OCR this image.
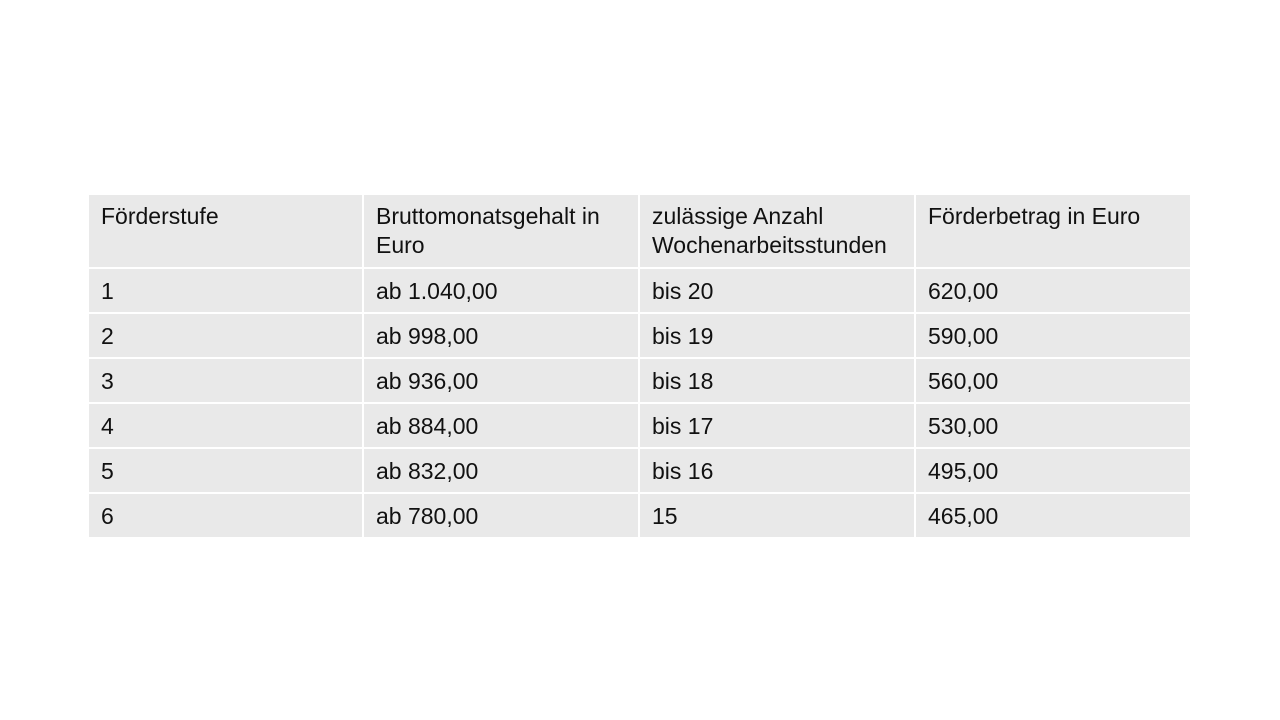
Förderstufe	Bruttomonatsgehalt in Euro	zulässige Anzahl Wochenarbeitsstunden	Förderbetrag in Euro
1	ab 1.040,00	bis 20	620,00
2	ab 998,00	bis 19	590,00
3	ab 936,00	bis 18	560,00
4	ab 884,00	bis 17	530,00
5	ab 832,00	bis 16	495,00
6	ab 780,00	15	465,00
